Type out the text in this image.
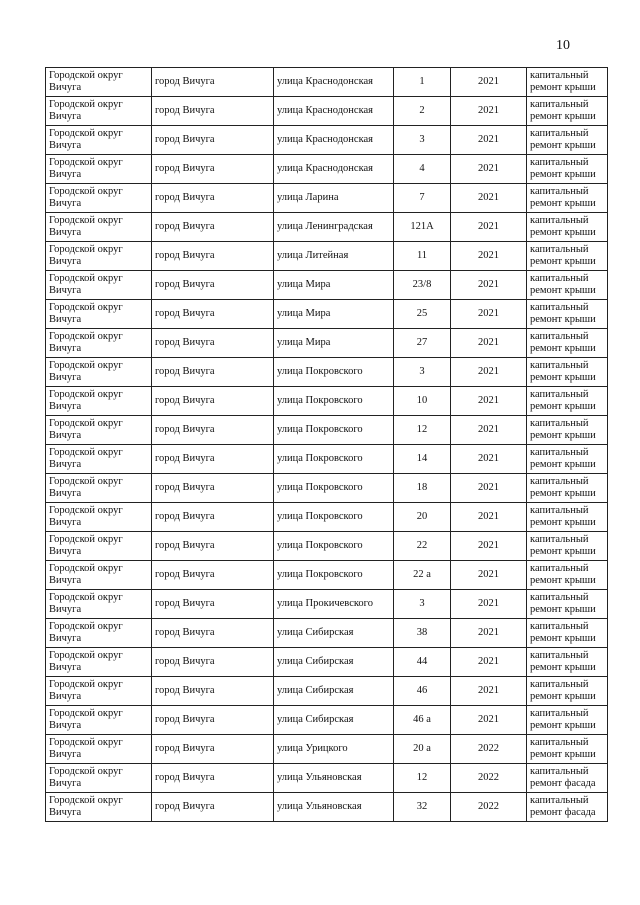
10
Городской округ Вичуга	город Вичуга	улица Краснодонская	1	2021	капитальный ремонт крыши
Городской округ Вичуга	город Вичуга	улица Краснодонская	2	2021	капитальный ремонт крыши
Городской округ Вичуга	город Вичуга	улица Краснодонская	3	2021	капитальный ремонт крыши
Городской округ Вичуга	город Вичуга	улица Краснодонская	4	2021	капитальный ремонт крыши
Городской округ Вичуга	город Вичуга	улица Ларина	7	2021	капитальный ремонт крыши
Городской округ Вичуга	город Вичуга	улица Ленинградская	121А	2021	капитальный ремонт крыши
Городской округ Вичуга	город Вичуга	улица Литейная	11	2021	капитальный ремонт крыши
Городской округ Вичуга	город Вичуга	улица Мира	23/8	2021	капитальный ремонт крыши
Городской округ Вичуга	город Вичуга	улица Мира	25	2021	капитальный ремонт крыши
Городской округ Вичуга	город Вичуга	улица Мира	27	2021	капитальный ремонт крыши
Городской округ Вичуга	город Вичуга	улица Покровского	3	2021	капитальный ремонт крыши
Городской округ Вичуга	город Вичуга	улица Покровского	10	2021	капитальный ремонт крыши
Городской округ Вичуга	город Вичуга	улица Покровского	12	2021	капитальный ремонт крыши
Городской округ Вичуга	город Вичуга	улица Покровского	14	2021	капитальный ремонт крыши
Городской округ Вичуга	город Вичуга	улица Покровского	18	2021	капитальный ремонт крыши
Городской округ Вичуга	город Вичуга	улица Покровского	20	2021	капитальный ремонт крыши
Городской округ Вичуга	город Вичуга	улица Покровского	22	2021	капитальный ремонт крыши
Городской округ Вичуга	город Вичуга	улица Покровского	22 а	2021	капитальный ремонт крыши
Городской округ Вичуга	город Вичуга	улица Прокичевского	3	2021	капитальный ремонт крыши
Городской округ Вичуга	город Вичуга	улица Сибирская	38	2021	капитальный ремонт крыши
Городской округ Вичуга	город Вичуга	улица Сибирская	44	2021	капитальный ремонт крыши
Городской округ Вичуга	город Вичуга	улица Сибирская	46	2021	капитальный ремонт крыши
Городской округ Вичуга	город Вичуга	улица Сибирская	46 а	2021	капитальный ремонт крыши
Городской округ Вичуга	город Вичуга	улица Урицкого	20 а	2022	капитальный ремонт крыши
Городской округ Вичуга	город Вичуга	улица Ульяновская	12	2022	капитальный ремонт фасада
Городской округ Вичуга	город Вичуга	улица Ульяновская	32	2022	капитальный ремонт фасада
